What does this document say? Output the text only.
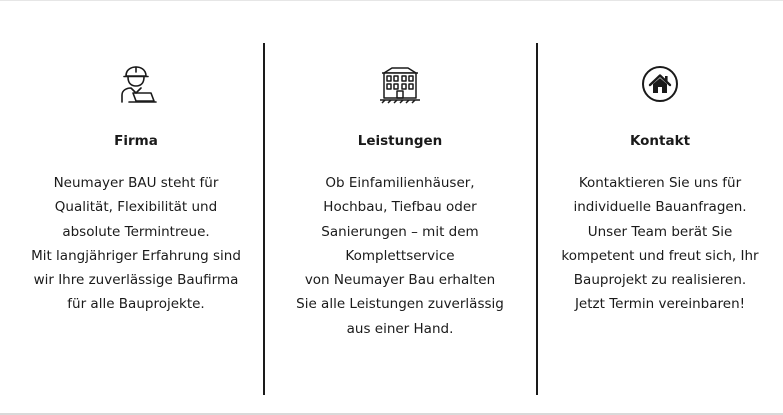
Firma

Neumayer BAU steht für
Qualität, Flexibilität und
absolute Termintreue.
Mit langjähriger Erfahrung sind
wir Ihre zuverlässige Baufirma
für alle Bauprojekte.

Leistungen

Ob Einfamilienhäuser,
Hochbau, Tiefbau oder
Sanierungen – mit dem
Komplettservice
von Neumayer Bau erhalten
Sie alle Leistungen zuverlässig
aus einer Hand.

Kontakt

Kontaktieren Sie uns für
individuelle Bauanfragen.
Unser Team berät Sie
kompetent und freut sich, Ihr
Bauprojekt zu realisieren.
Jetzt Termin vereinbaren!
